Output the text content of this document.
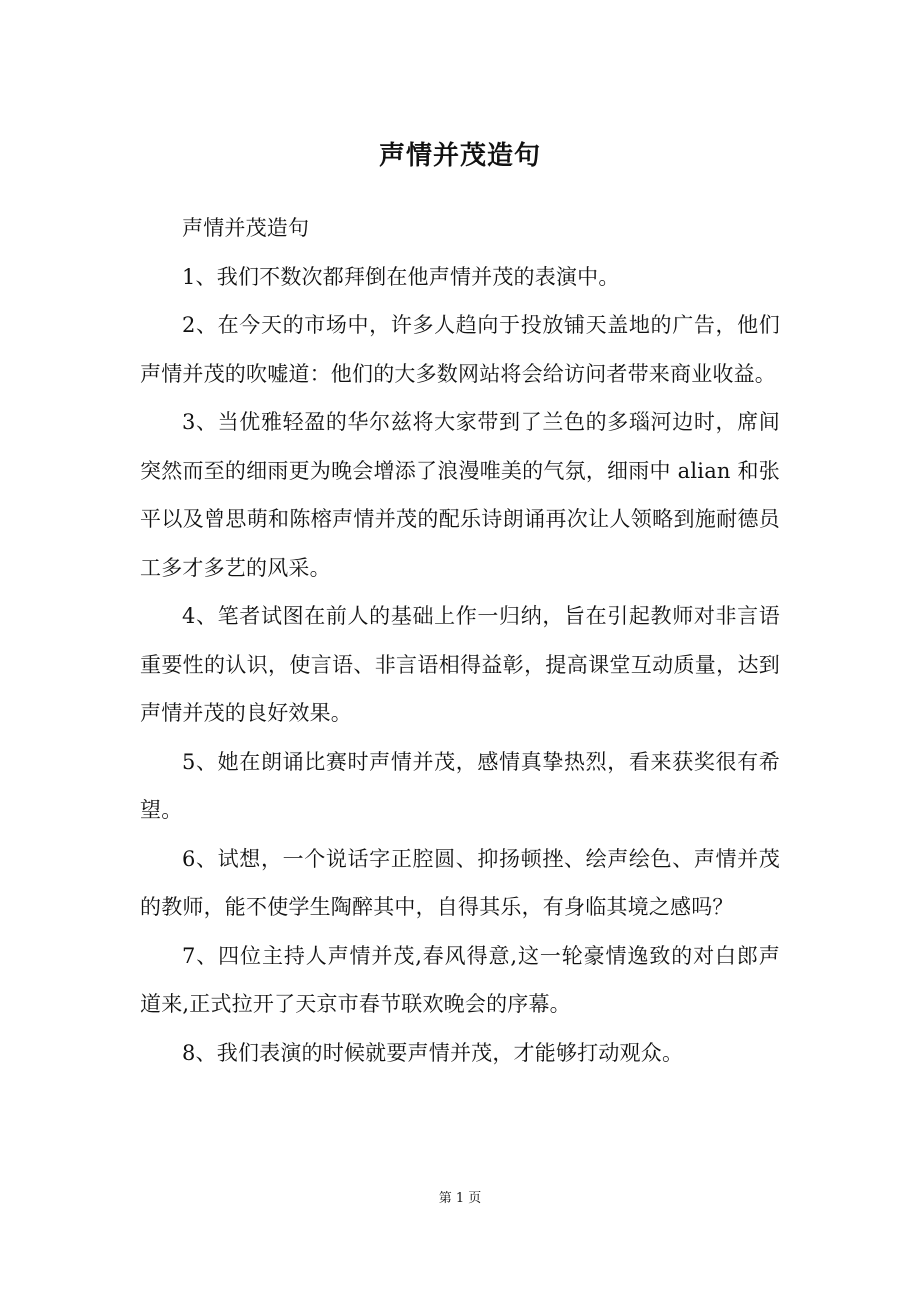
声情并茂造句

声情并茂造句

1、我们不数次都拜倒在他声情并茂的表演中。

2、在今天的市场中，许多人趋向于投放铺天盖地的广告，他们声情并茂的吹嘘道：他们的大多数网站将会给访问者带来商业收益。

3、当优雅轻盈的华尔兹将大家带到了兰色的多瑙河边时，席间突然而至的细雨更为晚会增添了浪漫唯美的气氛，细雨中 alian 和张平以及曾思萌和陈榕声情并茂的配乐诗朗诵再次让人领略到施耐德员工多才多艺的风采。

4、笔者试图在前人的基础上作一归纳，旨在引起教师对非言语重要性的认识，使言语、非言语相得益彰，提高课堂互动质量，达到声情并茂的良好效果。

5、她在朗诵比赛时声情并茂，感情真挚热烈，看来获奖很有希望。

6、试想，一个说话字正腔圆、抑扬顿挫、绘声绘色、声情并茂的教师，能不使学生陶醉其中，自得其乐，有身临其境之感吗？

7、四位主持人声情并茂,春风得意,这一轮豪情逸致的对白郎声道来,正式拉开了天京市春节联欢晚会的序幕。

8、我们表演的时候就要声情并茂，才能够打动观众。

第 1 页
